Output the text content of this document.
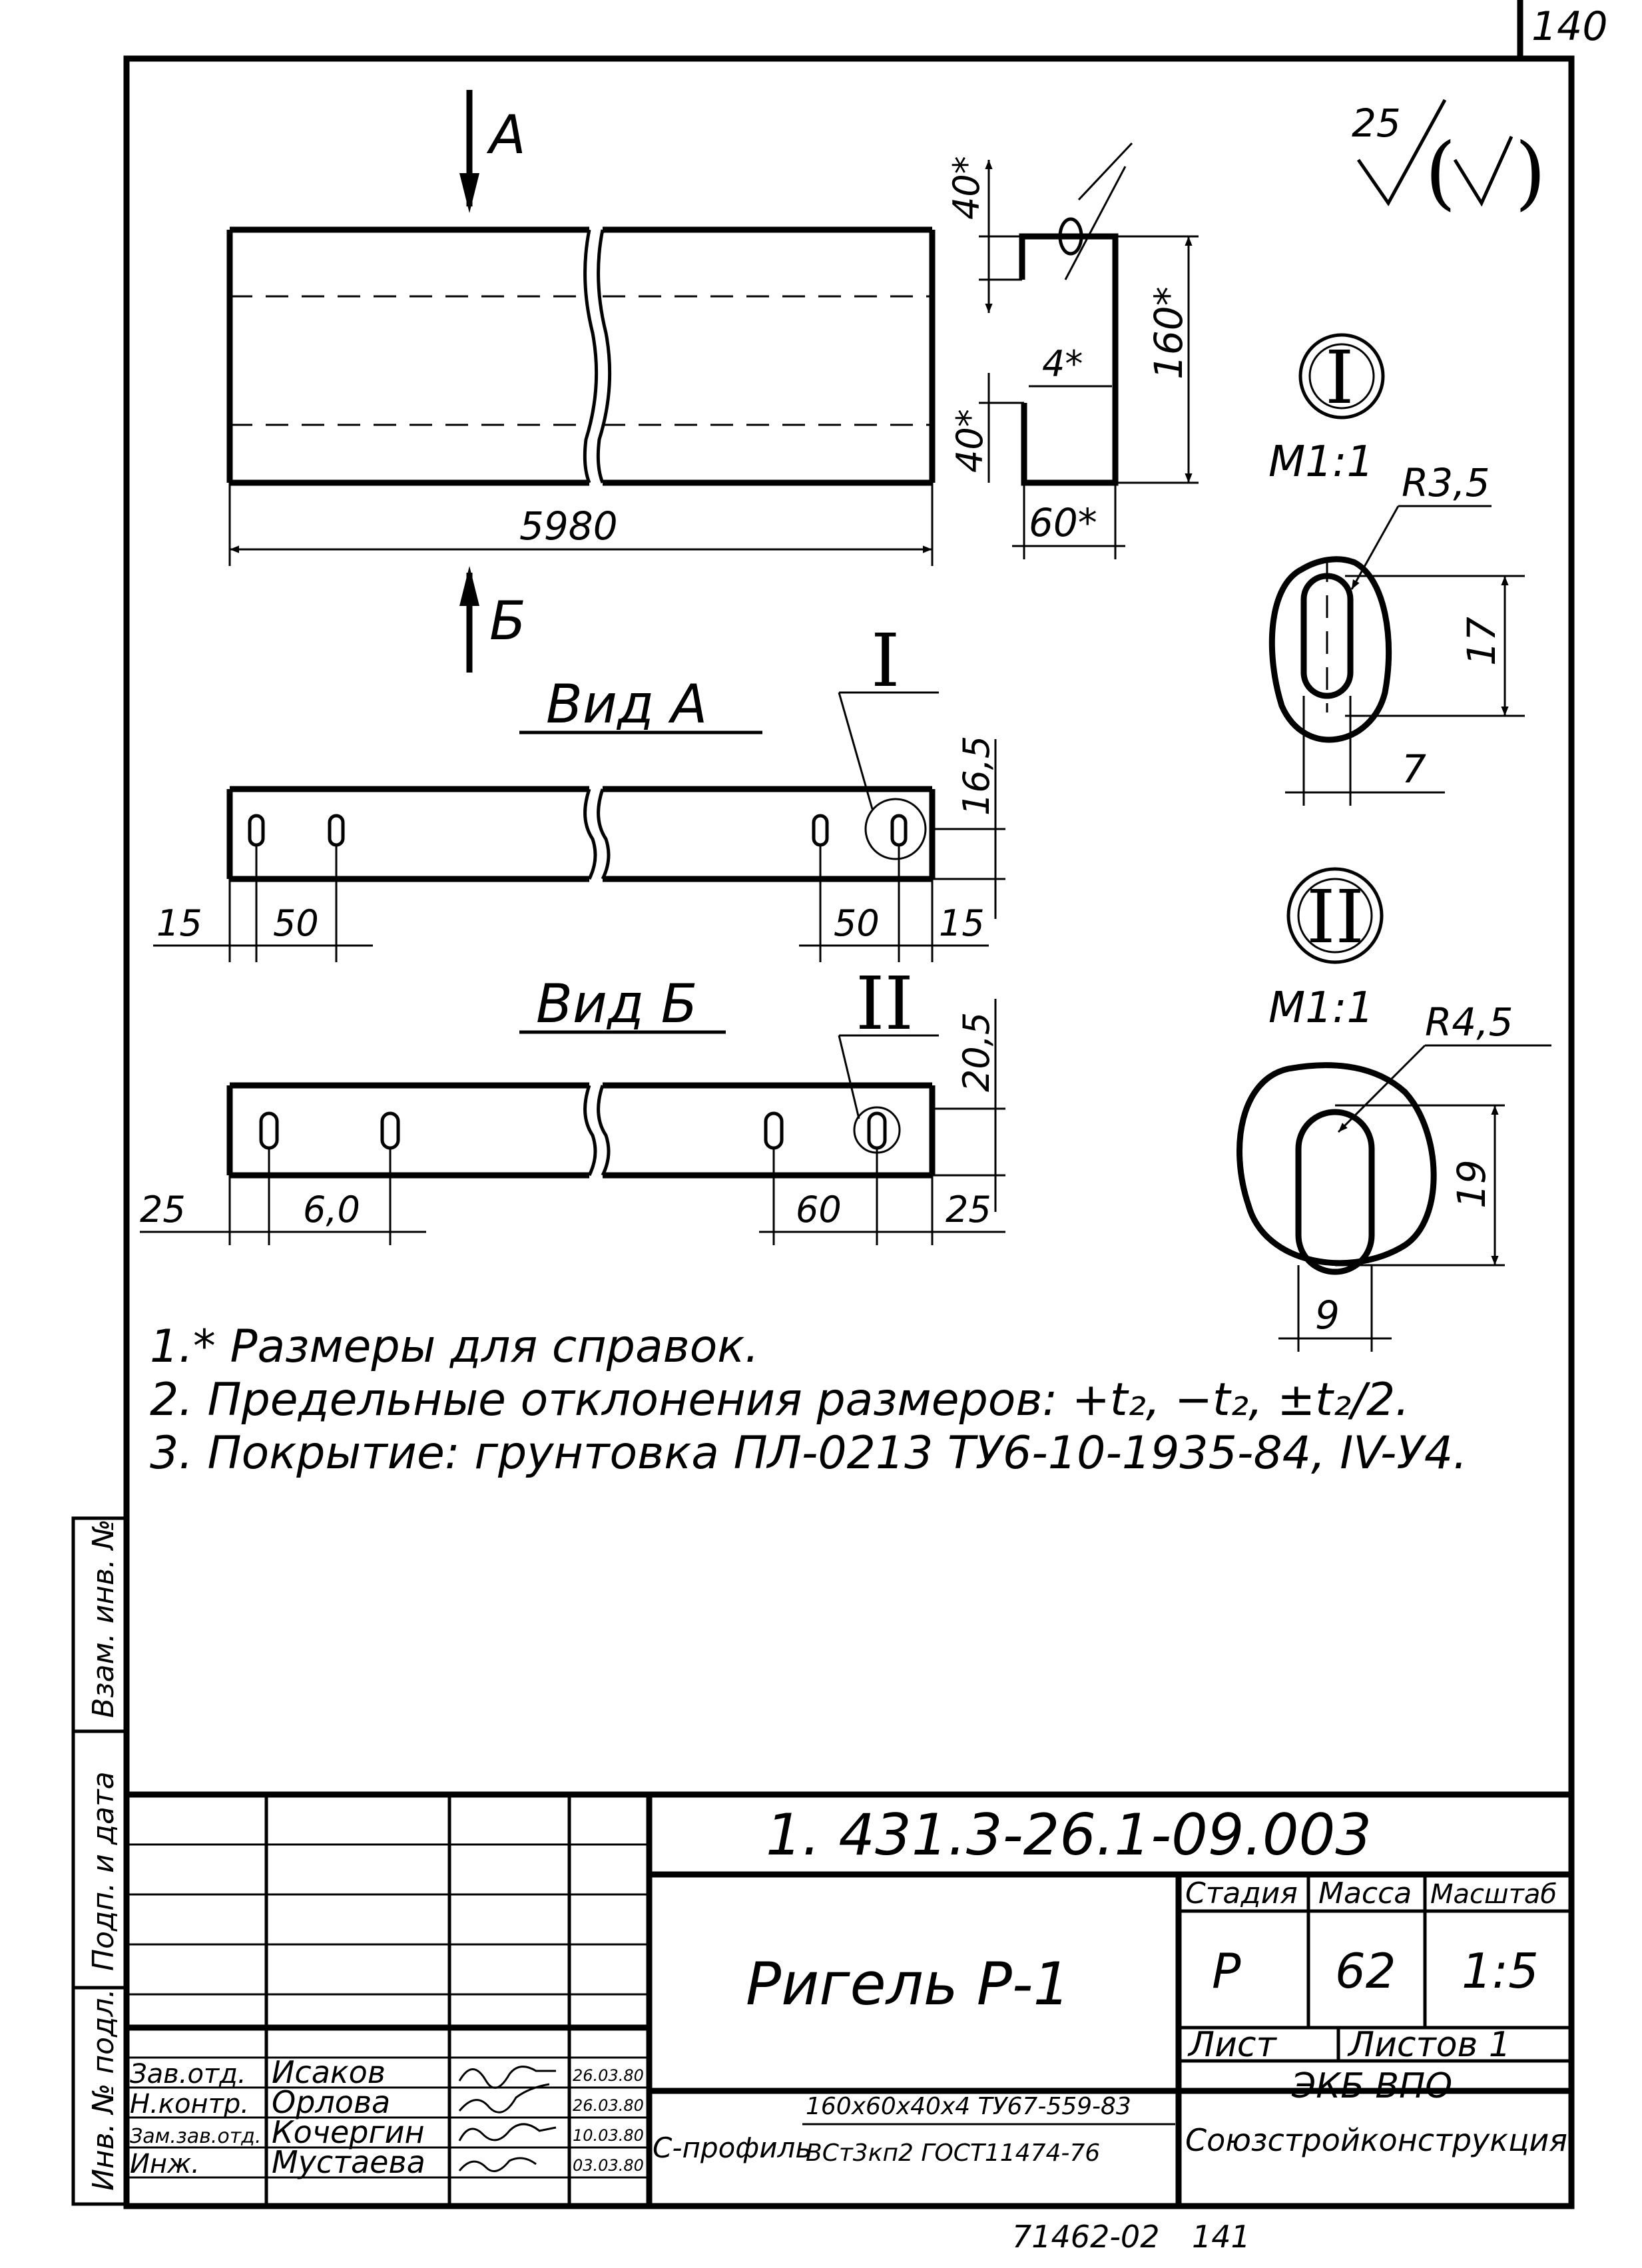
140
Инв. № подл.
Подп. и дата
Взам. инв. №
25
( )
A
Б
5980
40*
40*
160*
4*
60*
Вид А
I
16,5
15 50	50 15
Вид Б II
20,5
25	6,0	60	25
I
М1:1 R3,5
17
7
II
М1:1 R4,5
19
9
1.* Размеры для справок.
2. Предельные отклонения размеров: +t₂, −t₂, ±t₂/2.
3. Покрытие: грунтовка ПЛ-0213 ТУ6-10-1935-84, IV-У4.
1. 431.3-26.1-09.003
Ригель Р-1
Стадия Масса Масштаб
Р 62 1:5
Лист Листов 1
ЭКБ ВПО
Союзстройконструкция
С-профиль
160х60х40х4 ТУ67-559-83
ВСт3кп2 ГОСТ11474-76
Зав.отд. Исаков	26.03.80
Н.контр. Орлова	26.03.80
Зам.зав.отд. Кочергин	10.03.80
Инж. Мустаева	03.03.80
71462-02 141
